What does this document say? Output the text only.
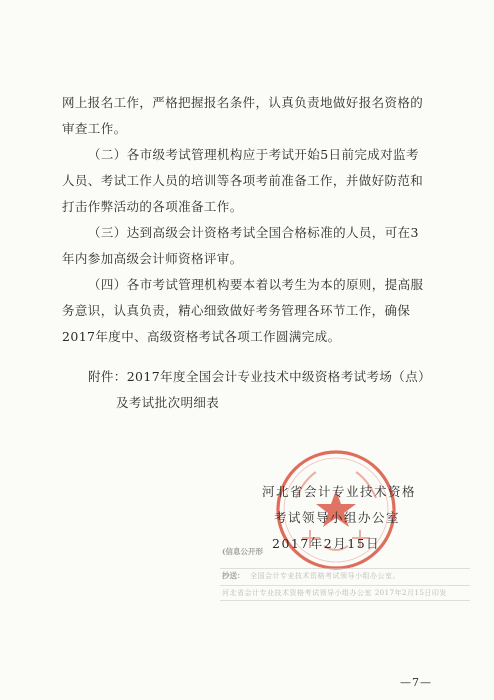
网上报名工作，严格把握报名条件，认真负责地做好报名资格的
审查工作。
（二）各市级考试管理机构应于考试开始5日前完成对监考
人员、考试工作人员的培训等各项考前准备工作，并做好防范和
打击作弊活动的各项准备工作。
（三）达到高级会计资格考试全国合格标准的人员，可在3
年内参加高级会计师资格评审。
（四）各市考试管理机构要本着以考生为本的原则，提高服
务意识，认真负责，精心细致做好考务管理各环节工作，确保
2017年度中、高级资格考试各项工作圆满完成。
附件：2017年度全国会计专业技术中级资格考试考场（点）
及考试批次明细表
河北省会计专业技术资格
考试领导小组办公室
2017年2月15日
(信息公开形
抄送： 全国会计专业技术资格考试领导小组办公室。
河北省会计专业技术资格考试领导小组办公室 2017年2月15日印发
—7—
